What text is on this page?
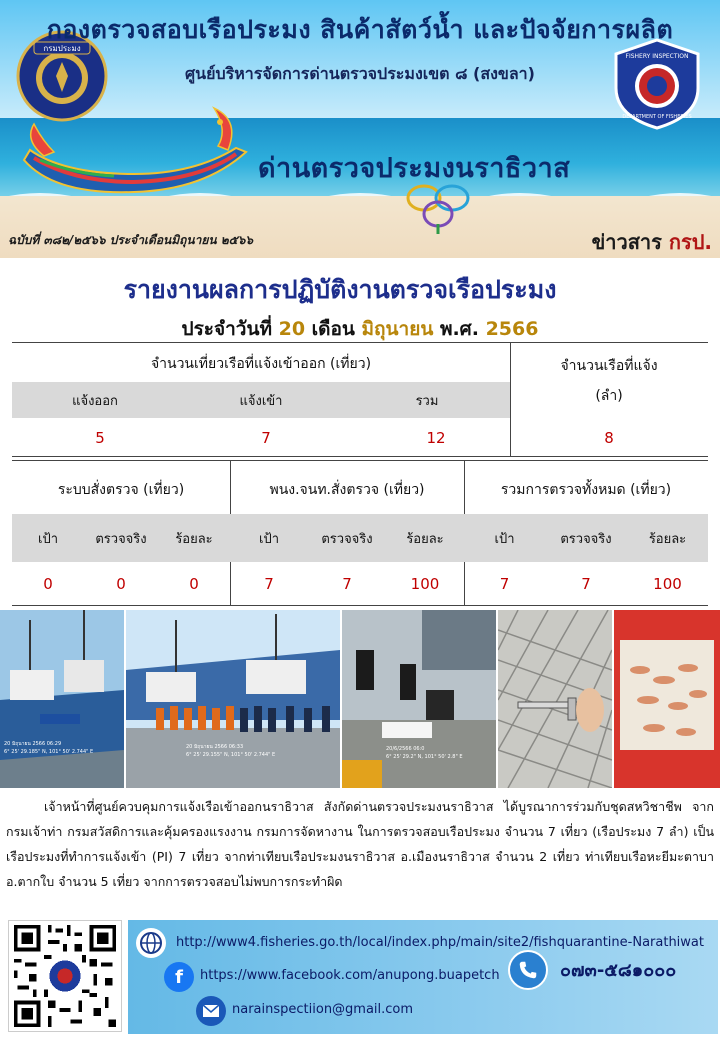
กรมประมง
กองตรวจสอบเรือประมง สินค้าสัตว์น้ำ และปัจจัยการผลิต
ศูนย์บริหารจัดการด่านตรวจประมงเขต ๘ (สงขลา)
FISHERY INSPECTION
DEPARTMENT OF FISHERIES
ด่านตรวจประมงนราธิวาส
ฉบับที่ ๓๘๒/๒๕๖๖ ประจำเดือนมิถุนายน ๒๕๖๖	ข่าวสาร กรป.
รายงานผลการปฏิบัติงานตรวจเรือประมง
ประจำวันที่ 20 เดือน มิถุนายน พ.ศ. 2566
จำนวนเที่ยวเรือที่แจ้งเข้าออก (เที่ยว)
แจ้งออก	แจ้งเข้า	รวม
5	7	12
จำนวนเรือที่แจ้ง
(ลำ)
8
ระบบสั่งตรวจ (เที่ยว)
เป้า	ตรวจจริง	ร้อยละ
0	0	0
พนง.จนท.สั่งตรวจ (เที่ยว)
เป้า	ตรวจจริง	ร้อยละ
7	7	100
รวมการตรวจทั้งหมด (เที่ยว)
เป้า	ตรวจจริง	ร้อยละ
7	7	100
20 มิถุนายน 2566 06:29
6° 25' 29.185" N, 101° 50' 2.744" E
20 มิถุนายน 2566 06:33
6° 25' 29.155" N, 101° 50' 2.744" E
20/6/2566 06:0
6° 25' 29.2" N, 101° 50' 2.8" E
เจ้าหน้าที่ศูนย์ควบคุมการแจ้งเรือเข้าออกนราธิวาส สังกัดด่านตรวจประมงนราธิวาส ได้บูรณาการร่วมกับชุดสหวิชาชีพ จากกรมเจ้าท่า กรมสวัสดิการและคุ้มครองแรงงาน กรมการจัดหางาน ในการตรวจสอบเรือประมง จำนวน 7 เที่ยว (เรือประมง 7 ลำ) เป็นเรือประมงที่ทำการแจ้งเข้า (PI) 7 เที่ยว จากท่าเทียบเรือประมงนราธิวาส อ.เมืองนราธิวาส จำนวน 2 เที่ยว ท่าเทียบเรือหะยีมะตาบา อ.ตากใบ จำนวน 5 เที่ยว จากการตรวจสอบไม่พบการกระทำผิด
http://www4.fisheries.go.th/local/index.php/main/site2/fishquarantine-Narathiwat
f https://www.facebook.com/anupong.buapetch
narainspectiion@gmail.com
๐๗๓-๕๘๑๐๐๐
